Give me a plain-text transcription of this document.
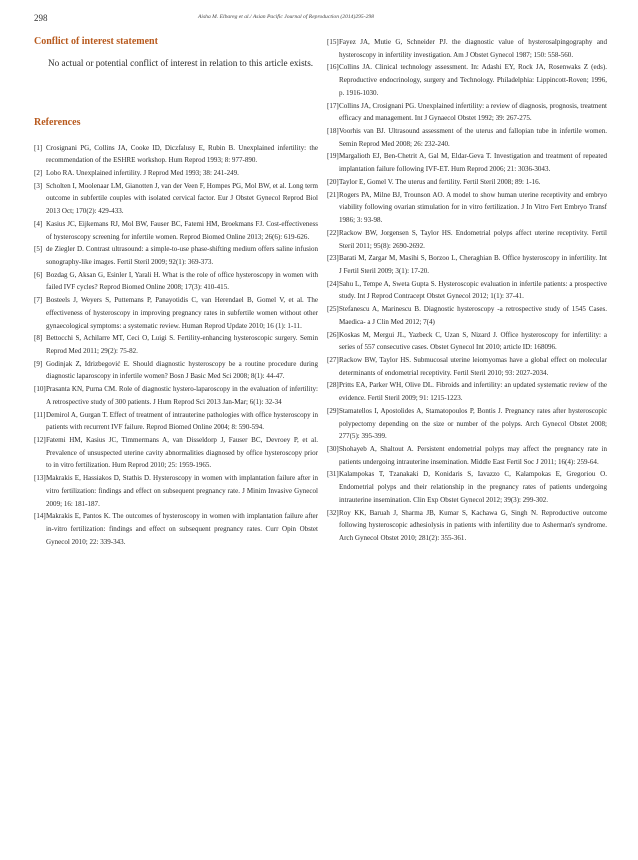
298	Aisha M. Elbareg et al./ Asian Pacific Journal of Reproduction (2014)295-298
Conflict of interest statement

No actual or potential conflict of interest in relation to this article exists.

References
[1] Crosignani PG, Collins JA, Cooke ID, Diczfalusy E, Rubin B. Unexplained infertility: the recommendation of the ESHRE workshop. Hum Reprod 1993; 8: 977-890.
[2] Lobo RA. Unexplained infertility. J Reprod Med 1993; 38: 241-249.
[3] Scholten I, Moolenaar LM, Gianotten J, van der Veen F, Hompes PG, Mol BW, et al. Long term outcome in subfertile couples with isolated cervical factor. Eur J Obstet Gynecol Reprod Biol 2013 Oct; 170(2): 429-433.
[4] Kasius JC, Eijkemans RJ, Mol BW, Fauser BC, Fatemi HM, Broekmans FJ. Cost-effectiveness of hysteroscopy screening for infertile women. Reprod Biomed Online 2013; 26(6): 619-626.
[5] de Ziegler D. Contrast ultrasound: a simple-to-use phase-shifting medium offers saline infusion sonography-like images. Fertil Steril 2009; 92(1): 369-373.
[6] Bozdag G, Aksan G, Esinler I, Yarali H. What is the role of office hysteroscopy in women with failed IVF cycles? Reprod Biomed Online 2008; 17(3): 410-415.
[7] Bosteels J, Weyers S, Puttemans P, Panayotidis C, van Herendael B, Gomel V, et al. The effectiveness of hysteroscopy in improving pregnancy rates in subfertile women without other gynaecological symptoms: a systematic review. Human Reprod Update 2010; 16 (1): 1-11.
[8] Bettocchi S, Achilarre MT, Ceci O, Luigi S. Fertility-enhancing hysteroscopic surgery. Semin Reprod Med 2011; 29(2): 75-82.
[9] Godinjak Z, Idrizbegović E. Should diagnostic hysteroscopy be a routine procedure during diagnostic laparoscopy in infertile women? Bosn J Basic Med Sci 2008; 8(1): 44-47.
[10] Prasanta KN, Purna CM. Role of diagnostic hystero-laparoscopy in the evaluation of infertility: A retrospective study of 300 patients. J Hum Reprod Sci 2013 Jan-Mar; 6(1): 32-34
[11] Demirol A, Gurgan T. Effect of treatment of intrauterine pathologies with office hysteroscopy in patients with recurrent IVF failure. Reprod Biomed Online 2004; 8: 590-594.
[12] Fatemi HM, Kasius JC, Timmermans A, van Disseldorp J, Fauser BC, Devroey P, et al. Prevalence of unsuspected uterine cavity abnormalities diagnosed by office hysteroscopy prior to in vitro fertilization. Hum Reprod 2010; 25: 1959-1965.
[13] Makrakis E, Hassiakos D, Stathis D. Hysteroscopy in women with implantation failure after in vitro fertilization: findings and effect on subsequent pregnancy rate. J Minim Invasive Gynecol 2009; 16: 181-187.
[14] Makrakis E, Pantos K. The outcomes of hysteroscopy in women with implantation failure after in-vitro fertilization: findings and effect on subsequent pregnancy rates. Curr Opin Obstet Gynecol 2010; 22: 339-343.
[15] Fayez JA, Mutie G, Schneider PJ. the diagnostic value of hysterosalpingography and hysteroscopy in infertility investigation. Am J Obstet Gynecol 1987; 150: 558-560.
[16] Collins JA. Clinical technology assessment. In: Adashi EY, Rock JA, Rosenwaks Z (eds). Reproductive endocrinology, surgery and Technology. Philadelphia: Lippincott-Roven; 1996, p. 1916-1030.
[17] Collins JA, Crosignani PG. Unexplained infertility: a review of diagnosis, prognosis, treatment efficacy and management. Int J Gynaecol Obstet 1992; 39: 267-275.
[18] Voorhis van BJ. Ultrasound assessment of the uterus and fallopian tube in infertile women. Semin Reprod Med 2008; 26: 232-240.
[19] Margalioth EJ, Ben-Chetrit A, Gal M, Eldar-Geva T. Investigation and treatment of repeated implantation failure following IVF-ET. Hum Reprod 2006; 21: 3036-3043.
[20] Taylor E, Gomel V. The uterus and fertility. Fertil Steril 2008; 89: 1-16.
[21] Rogers PA, Milne BJ, Trounson AO. A model to show human uterine receptivity and embryo viability following ovarian stimulation for in vitro fertilization. J In Vitro Fert Embryo Transf 1986; 3: 93-98.
[22] Rackow BW, Jorgensen S, Taylor HS. Endometrial polyps affect uterine receptivity. Fertil Steril 2011; 95(8): 2690-2692.
[23] Barati M, Zargar M, Masihi S, Borzoo L, Cheraghian B. Office hysteroscopy in infertility. Int J Fertil Steril 2009; 3(1): 17-20.
[24] Sahu L, Tempe A, Sweta Gupta S. Hysteroscopic evaluation in infertile patients: a prospective study. Int J Reprod Contracept Obstet Gynecol 2012; 1(1): 37-41.
[25] Stefanescu A, Marinescu B. Diagnostic hysteroscopy -a retrospective study of 1545 Cases. Maedica- a J Clin Med 2012; 7(4)
[26] Koskas M, Mergui JL, Yazbeck C, Uzan S, Nizard J. Office hysteroscopy for infertility: a series of 557 consecutive cases. Obstet Gynecol Int 2010; article ID: 168096.
[27] Rackow BW, Taylor HS. Submucosal uterine leiomyomas have a global effect on molecular determinants of endometrial receptivity. Fertil Steril 2010; 93: 2027-2034.
[28] Pritts EA, Parker WH, Olive DL. Fibroids and infertility: an updated systematic review of the evidence. Fertil Steril 2009; 91: 1215-1223.
[29] Stamatellos I, Apostolides A, Stamatopoulos P, Bontis J. Pregnancy rates after hysteroscopic polypectomy depending on the size or number of the polyps. Arch Gynecol Obstet 2008; 277(5): 395-399.
[30] Shohayeb A, Shaltout A. Persistent endometrial polyps may affect the pregnancy rate in patients undergoing intrauterine insemination. Middle East Fertil Soc J 2011; 16(4): 259-64.
[31] Kalampokas T, Tzanakaki D, Konidaris S, Iavazzo C, Kalampokas E, Gregoriou O. Endometrial polyps and their relationship in the pregnancy rates of patients undergoing intrauterine insemination. Clin Exp Obstet Gynecol 2012; 39(3): 299-302.
[32] Roy KK, Baruah J, Sharma JB, Kumar S, Kachawa G, Singh N. Reproductive outcome following hysteroscopic adhesiolysis in patients with infertility due to Asherman's syndrome. Arch Gynecol Obstet 2010; 281(2): 355-361.
